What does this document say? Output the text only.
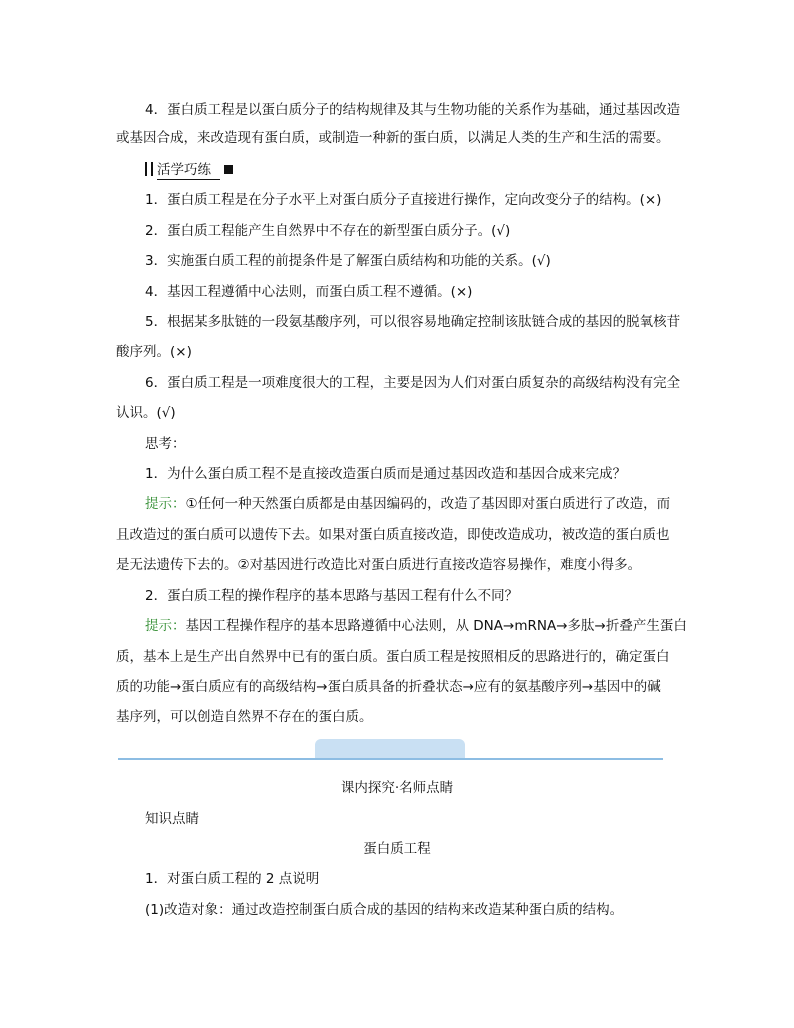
4．蛋白质工程是以蛋白质分子的结构规律及其与生物功能的关系作为基础，通过基因改造
或基因合成，来改造现有蛋白质，或制造一种新的蛋白质，以满足人类的生产和生活的需要。
活学巧练
1．蛋白质工程是在分子水平上对蛋白质分子直接进行操作，定向改变分子的结构。(×)
2．蛋白质工程能产生自然界中不存在的新型蛋白质分子。(√)
3．实施蛋白质工程的前提条件是了解蛋白质结构和功能的关系。(√)
4．基因工程遵循中心法则，而蛋白质工程不遵循。(×)
5．根据某多肽链的一段氨基酸序列，可以很容易地确定控制该肽链合成的基因的脱氧核苷
酸序列。(×)
6．蛋白质工程是一项难度很大的工程，主要是因为人们对蛋白质复杂的高级结构没有完全
认识。(√)
思考：
1．为什么蛋白质工程不是直接改造蛋白质而是通过基因改造和基因合成来完成？
提示：①任何一种天然蛋白质都是由基因编码的，改造了基因即对蛋白质进行了改造，而
且改造过的蛋白质可以遗传下去。如果对蛋白质直接改造，即使改造成功，被改造的蛋白质也
是无法遗传下去的。②对基因进行改造比对蛋白质进行直接改造容易操作，难度小得多。
2．蛋白质工程的操作程序的基本思路与基因工程有什么不同？
提示：基因工程操作程序的基本思路遵循中心法则，从 DNA→mRNA→多肽→折叠产生蛋白
质，基本上是生产出自然界中已有的蛋白质。蛋白质工程是按照相反的思路进行的，确定蛋白
质的功能→蛋白质应有的高级结构→蛋白质具备的折叠状态→应有的氨基酸序列→基因中的碱
基序列，可以创造自然界不存在的蛋白质。
课内探究·名师点睛
知识点睛
蛋白质工程
1．对蛋白质工程的 2 点说明
(1)改造对象：通过改造控制蛋白质合成的基因的结构来改造某种蛋白质的结构。
